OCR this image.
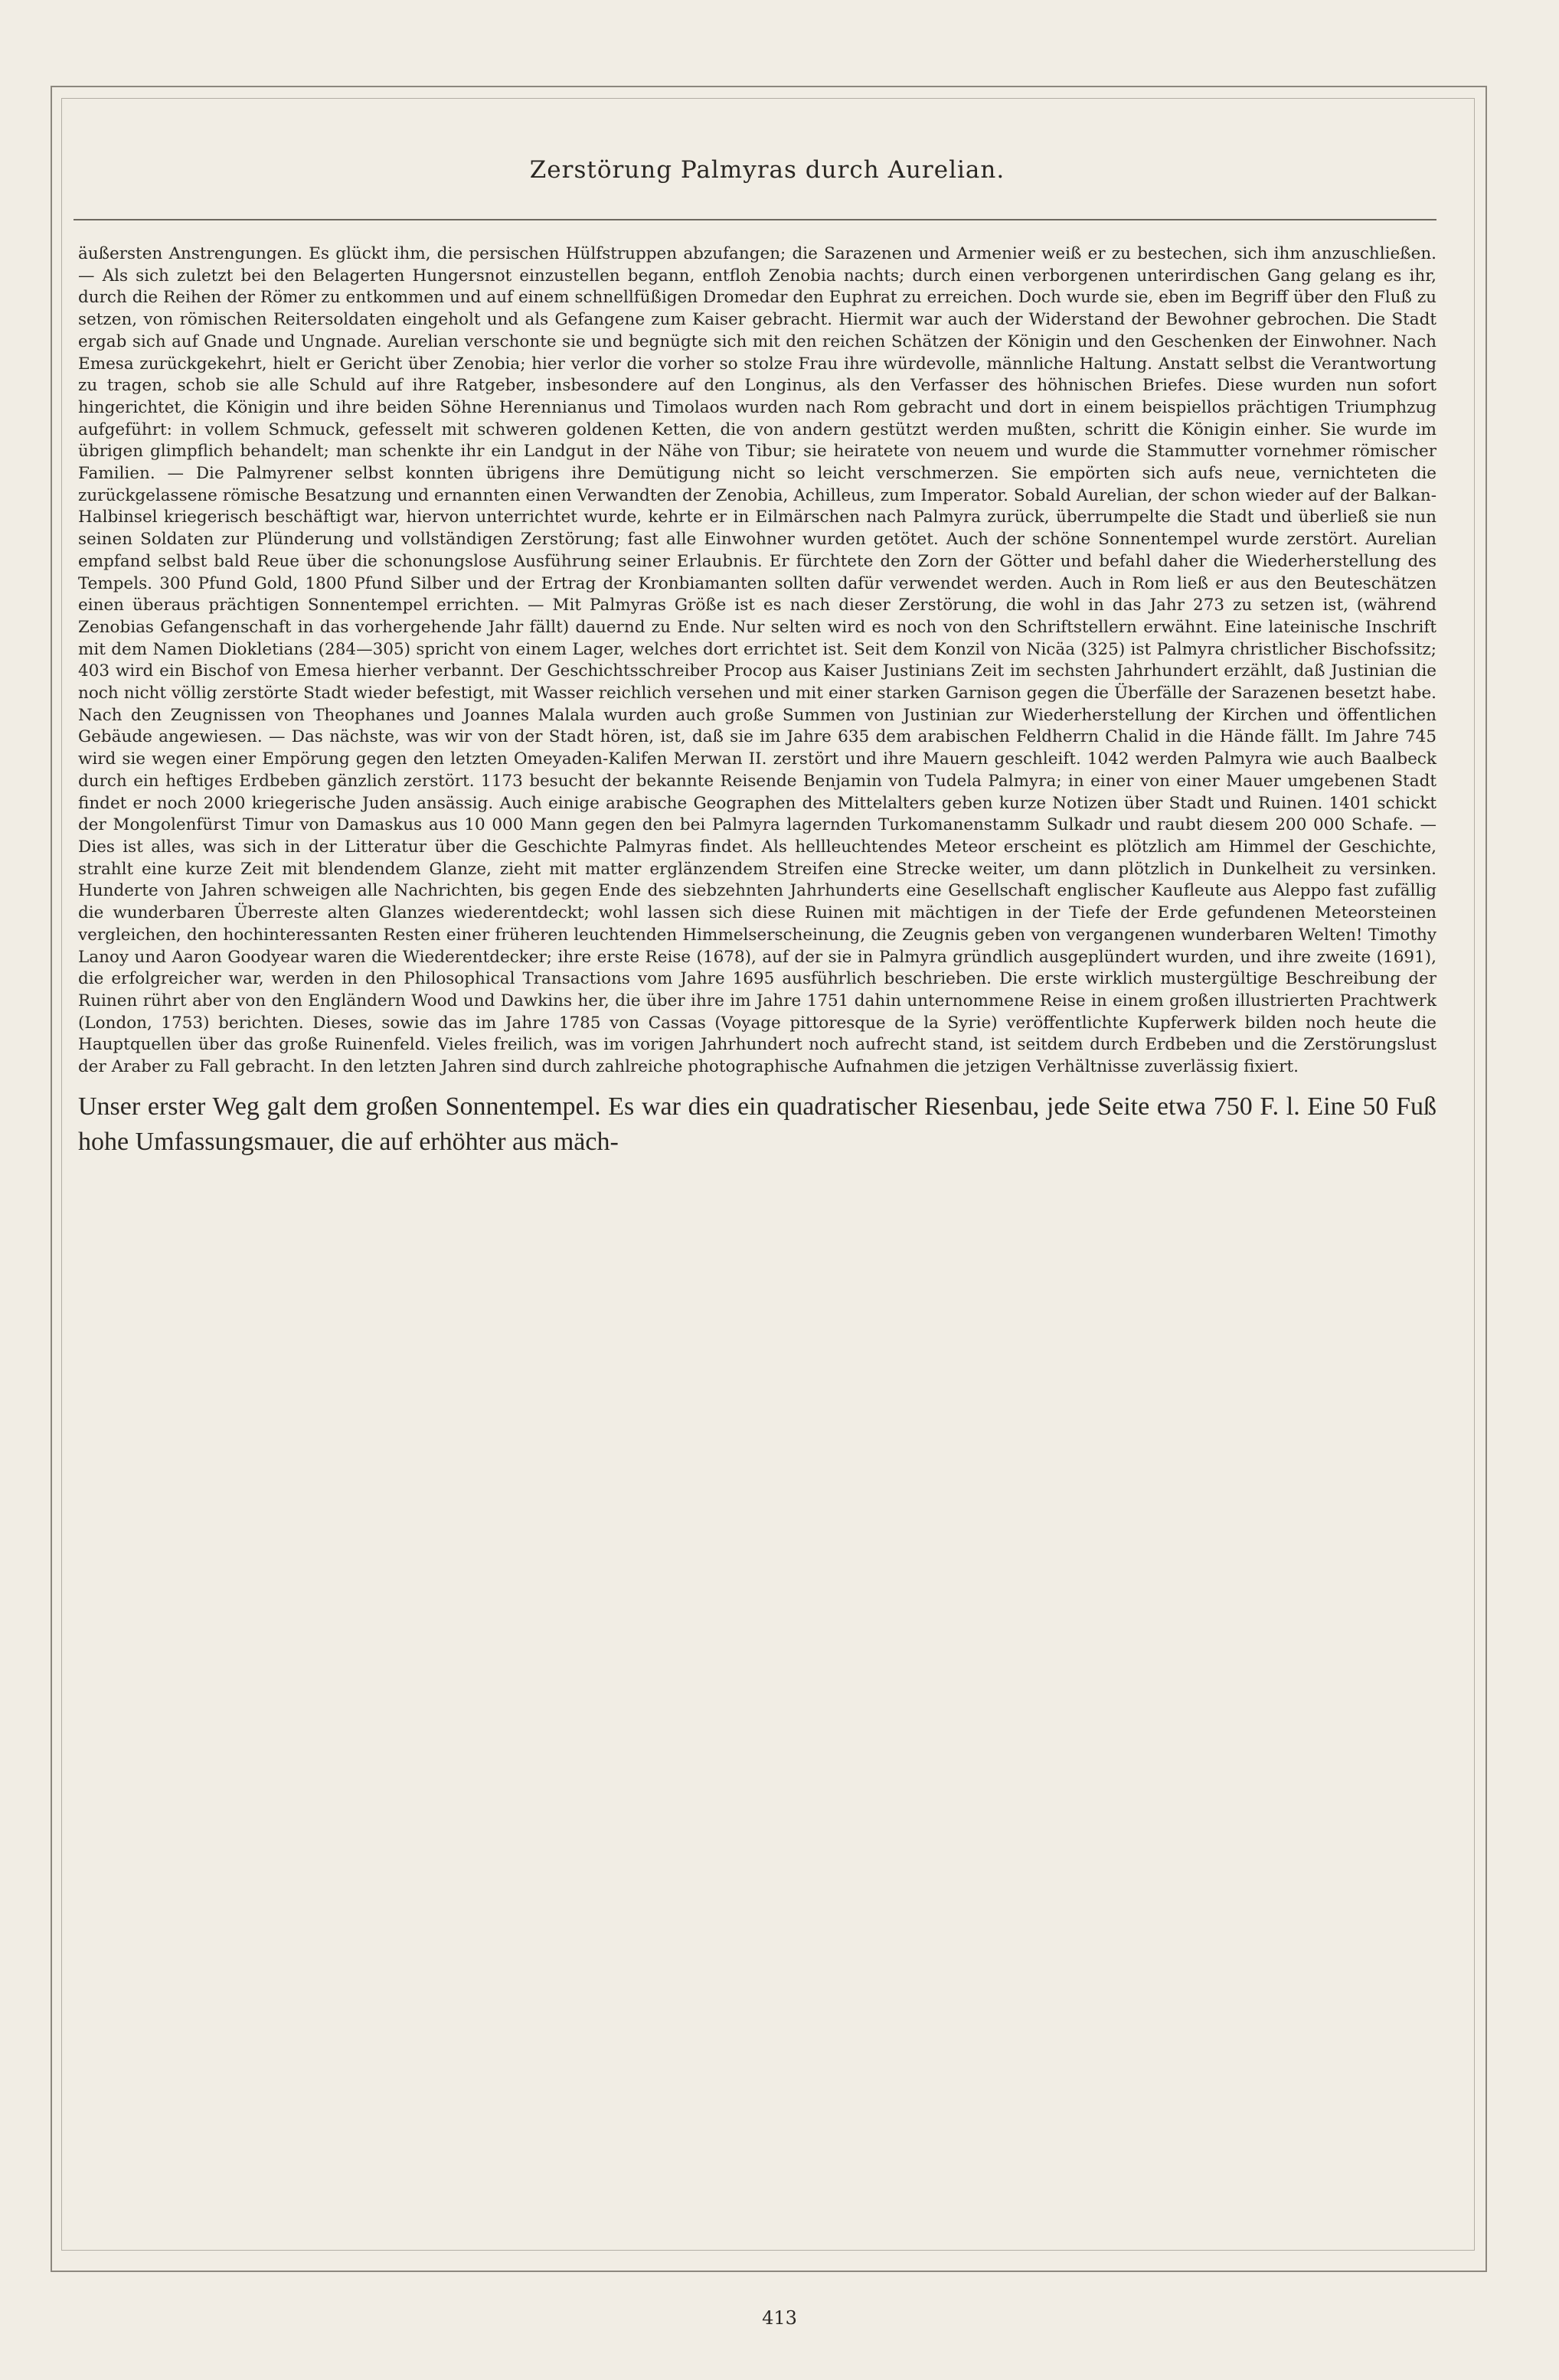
Zerstörung Palmyras durch Aurelian.

äußersten Anstrengungen. Es glückt ihm, die persischen Hülfstruppen abzufangen; die Sarazenen und Armenier weiß er zu bestechen, sich ihm anzuschließen. — Als sich zuletzt bei den Belagerten Hungersnot einzustellen begann, entfloh Zenobia nachts; durch einen verborgenen unterirdischen Gang gelang es ihr, durch die Reihen der Römer zu entkommen und auf einem schnellfüßigen Dromedar den Euphrat zu erreichen. Doch wurde sie, eben im Begriff über den Fluß zu setzen, von römischen Reitersoldaten eingeholt und als Gefangene zum Kaiser gebracht. Hiermit war auch der Widerstand der Bewohner gebrochen. Die Stadt ergab sich auf Gnade und Ungnade. Aurelian verschonte sie und begnügte sich mit den reichen Schätzen der Königin und den Geschenken der Einwohner. Nach Emesa zurückgekehrt, hielt er Gericht über Zenobia; hier verlor die vorher so stolze Frau ihre würdevolle, männliche Haltung. Anstatt selbst die Verantwortung zu tragen, schob sie alle Schuld auf ihre Ratgeber, insbesondere auf den Longinus, als den Verfasser des höhnischen Briefes. Diese wurden nun sofort hingerichtet, die Königin und ihre beiden Söhne Herennianus und Timolaos wurden nach Rom gebracht und dort in einem beispiellos prächtigen Triumphzug aufgeführt: in vollem Schmuck, gefesselt mit schweren goldenen Ketten, die von andern gestützt werden mußten, schritt die Königin einher. Sie wurde im übrigen glimpflich behandelt; man schenkte ihr ein Landgut in der Nähe von Tibur; sie heiratete von neuem und wurde die Stammutter vornehmer römischer Familien. — Die Palmyrener selbst konnten übrigens ihre Demütigung nicht so leicht verschmerzen. Sie empörten sich aufs neue, vernichteten die zurückgelassene römische Besatzung und ernannten einen Verwandten der Zenobia, Achilleus, zum Imperator. Sobald Aurelian, der schon wieder auf der Balkan-Halbinsel kriegerisch beschäftigt war, hiervon unterrichtet wurde, kehrte er in Eilmärschen nach Palmyra zurück, überrumpelte die Stadt und überließ sie nun seinen Soldaten zur Plünderung und vollständigen Zerstörung; fast alle Einwohner wurden getötet. Auch der schöne Sonnentempel wurde zerstört. Aurelian empfand selbst bald Reue über die schonungslose Ausführung seiner Erlaubnis. Er fürchtete den Zorn der Götter und befahl daher die Wiederherstellung des Tempels. 300 Pfund Gold, 1800 Pfund Silber und der Ertrag der Kronbiamanten sollten dafür verwendet werden. Auch in Rom ließ er aus den Beuteschätzen einen überaus prächtigen Sonnentempel errichten. — Mit Palmyras Größe ist es nach dieser Zerstörung, die wohl in das Jahr 273 zu setzen ist, (während Zenobias Gefangenschaft in das vorhergehende Jahr fällt) dauernd zu Ende. Nur selten wird es noch von den Schriftstellern erwähnt. Eine lateinische Inschrift mit dem Namen Diokletians (284—305) spricht von einem Lager, welches dort errichtet ist. Seit dem Konzil von Nicäa (325) ist Palmyra christlicher Bischofssitz; 403 wird ein Bischof von Emesa hierher verbannt. Der Geschichtsschreiber Procop aus Kaiser Justinians Zeit im sechsten Jahrhundert erzählt, daß Justinian die noch nicht völlig zerstörte Stadt wieder befestigt, mit Wasser reichlich versehen und mit einer starken Garnison gegen die Überfälle der Sarazenen besetzt habe. Nach den Zeugnissen von Theophanes und Joannes Malala wurden auch große Summen von Justinian zur Wiederherstellung der Kirchen und öffentlichen Gebäude angewiesen. — Das nächste, was wir von der Stadt hören, ist, daß sie im Jahre 635 dem arabischen Feldherrn Chalid in die Hände fällt. Im Jahre 745 wird sie wegen einer Empörung gegen den letzten Omeyaden-Kalifen Merwan II. zerstört und ihre Mauern geschleift. 1042 werden Palmyra wie auch Baalbeck durch ein heftiges Erdbeben gänzlich zerstört. 1173 besucht der bekannte Reisende Benjamin von Tudela Palmyra; in einer von einer Mauer umgebenen Stadt findet er noch 2000 kriegerische Juden ansässig. Auch einige arabische Geographen des Mittelalters geben kurze Notizen über Stadt und Ruinen. 1401 schickt der Mongolenfürst Timur von Damaskus aus 10 000 Mann gegen den bei Palmyra lagernden Turkomanenstamm Sulkadr und raubt diesem 200 000 Schafe. — Dies ist alles, was sich in der Litteratur über die Geschichte Palmyras findet. Als hellleuchtendes Meteor erscheint es plötzlich am Himmel der Geschichte, strahlt eine kurze Zeit mit blendendem Glanze, zieht mit matter erglänzendem Streifen eine Strecke weiter, um dann plötzlich in Dunkelheit zu versinken. Hunderte von Jahren schweigen alle Nachrichten, bis gegen Ende des siebzehnten Jahrhunderts eine Gesellschaft englischer Kaufleute aus Aleppo fast zufällig die wunderbaren Überreste alten Glanzes wiederentdeckt; wohl lassen sich diese Ruinen mit mächtigen in der Tiefe der Erde gefundenen Meteorsteinen vergleichen, den hochinteressanten Resten einer früheren leuchtenden Himmelserscheinung, die Zeugnis geben von vergangenen wunderbaren Welten! Timothy Lanoy und Aaron Goodyear waren die Wiederentdecker; ihre erste Reise (1678), auf der sie in Palmyra gründlich ausgeplündert wurden, und ihre zweite (1691), die erfolgreicher war, werden in den Philosophical Transactions vom Jahre 1695 ausführlich beschrieben. Die erste wirklich mustergültige Beschreibung der Ruinen rührt aber von den Engländern Wood und Dawkins her, die über ihre im Jahre 1751 dahin unternommene Reise in einem großen illustrierten Prachtwerk (London, 1753) berichten. Dieses, sowie das im Jahre 1785 von Cassas (Voyage pittoresque de la Syrie) veröffentlichte Kupferwerk bilden noch heute die Hauptquellen über das große Ruinenfeld. Vieles freilich, was im vorigen Jahrhundert noch aufrecht stand, ist seitdem durch Erdbeben und die Zerstörungslust der Araber zu Fall gebracht. In den letzten Jahren sind durch zahlreiche photographische Aufnahmen die jetzigen Verhältnisse zuverlässig fixiert.

Unser erster Weg galt dem großen Sonnentempel. Es war dies ein quadratischer Riesenbau, jede Seite etwa 750 F. l. Eine 50 Fuß hohe Umfassungsmauer, die auf erhöhter aus mäch-

413
